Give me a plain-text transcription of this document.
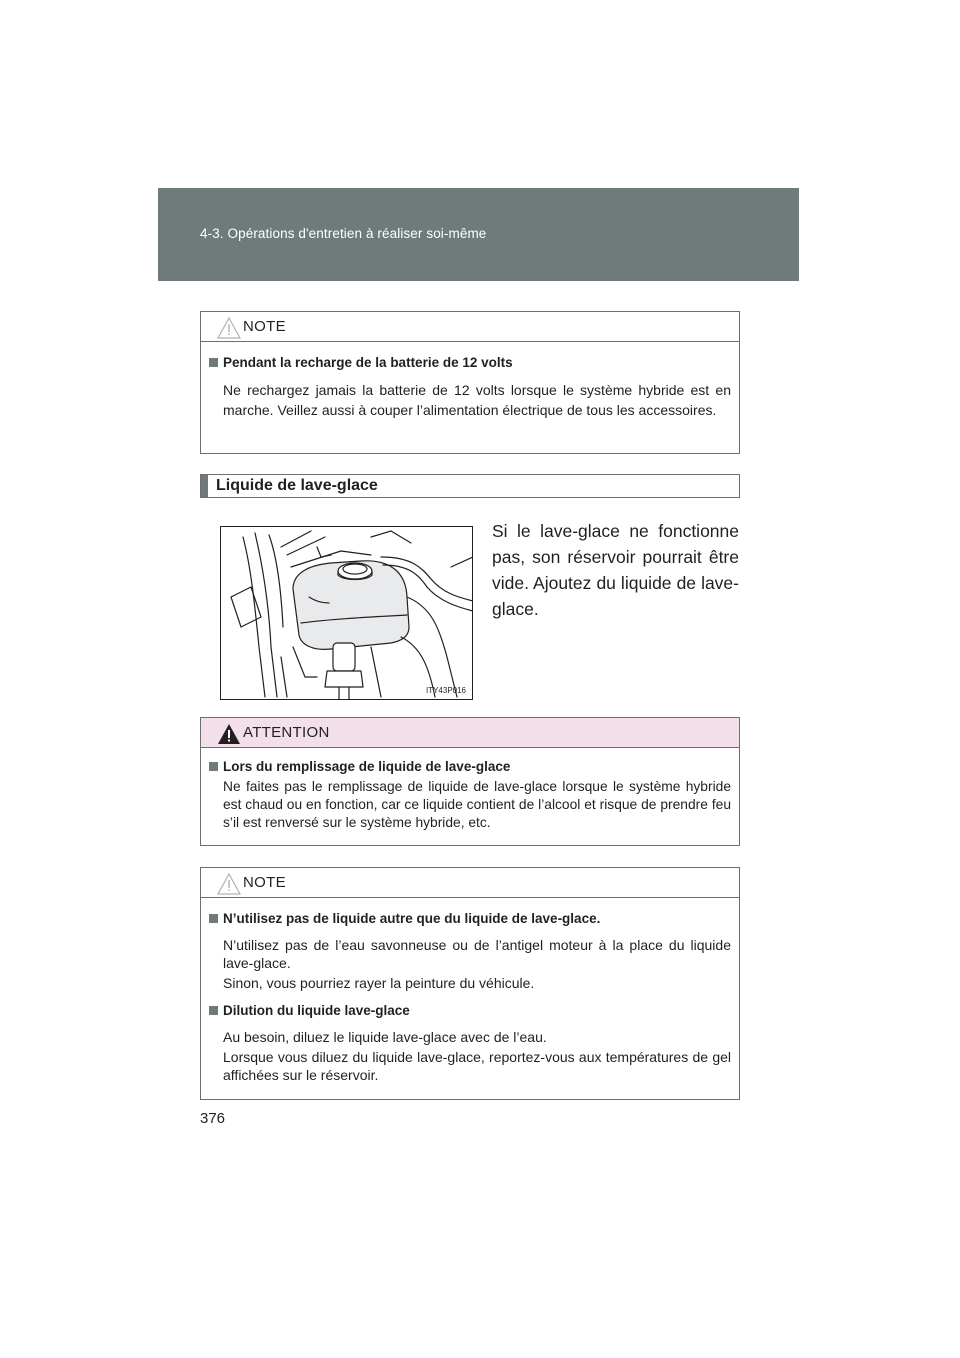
4-3. Opérations d'entretien à réaliser soi-même
NOTE
Pendant la recharge de la batterie de 12 volts
Ne rechargez jamais la batterie de 12 volts lorsque le système hybride est en marche. Veillez aussi à couper l’alimentation électrique de tous les accessoires.
Liquide de lave-glace
ITY43P016
Si le lave-glace ne fonctionne pas, son réservoir pourrait être vide. Ajoutez du liquide de lave-glace.
ATTENTION
Lors du remplissage de liquide de lave-glace
Ne faites pas le remplissage de liquide de lave-glace lorsque le système hybride est chaud ou en fonction, car ce liquide contient de l’alcool et risque de prendre feu s’il est renversé sur le système hybride, etc.
NOTE
N’utilisez pas de liquide autre que du liquide de lave-glace.
N’utilisez pas de l’eau savonneuse ou de l’antigel moteur à la place du liquide lave-glace.
Sinon, vous pourriez rayer la peinture du véhicule.
Dilution du liquide lave-glace
Au besoin, diluez le liquide lave-glace avec de l’eau.
Lorsque vous diluez du liquide lave-glace, reportez-vous aux températures de gel affichées sur le réservoir.
376
